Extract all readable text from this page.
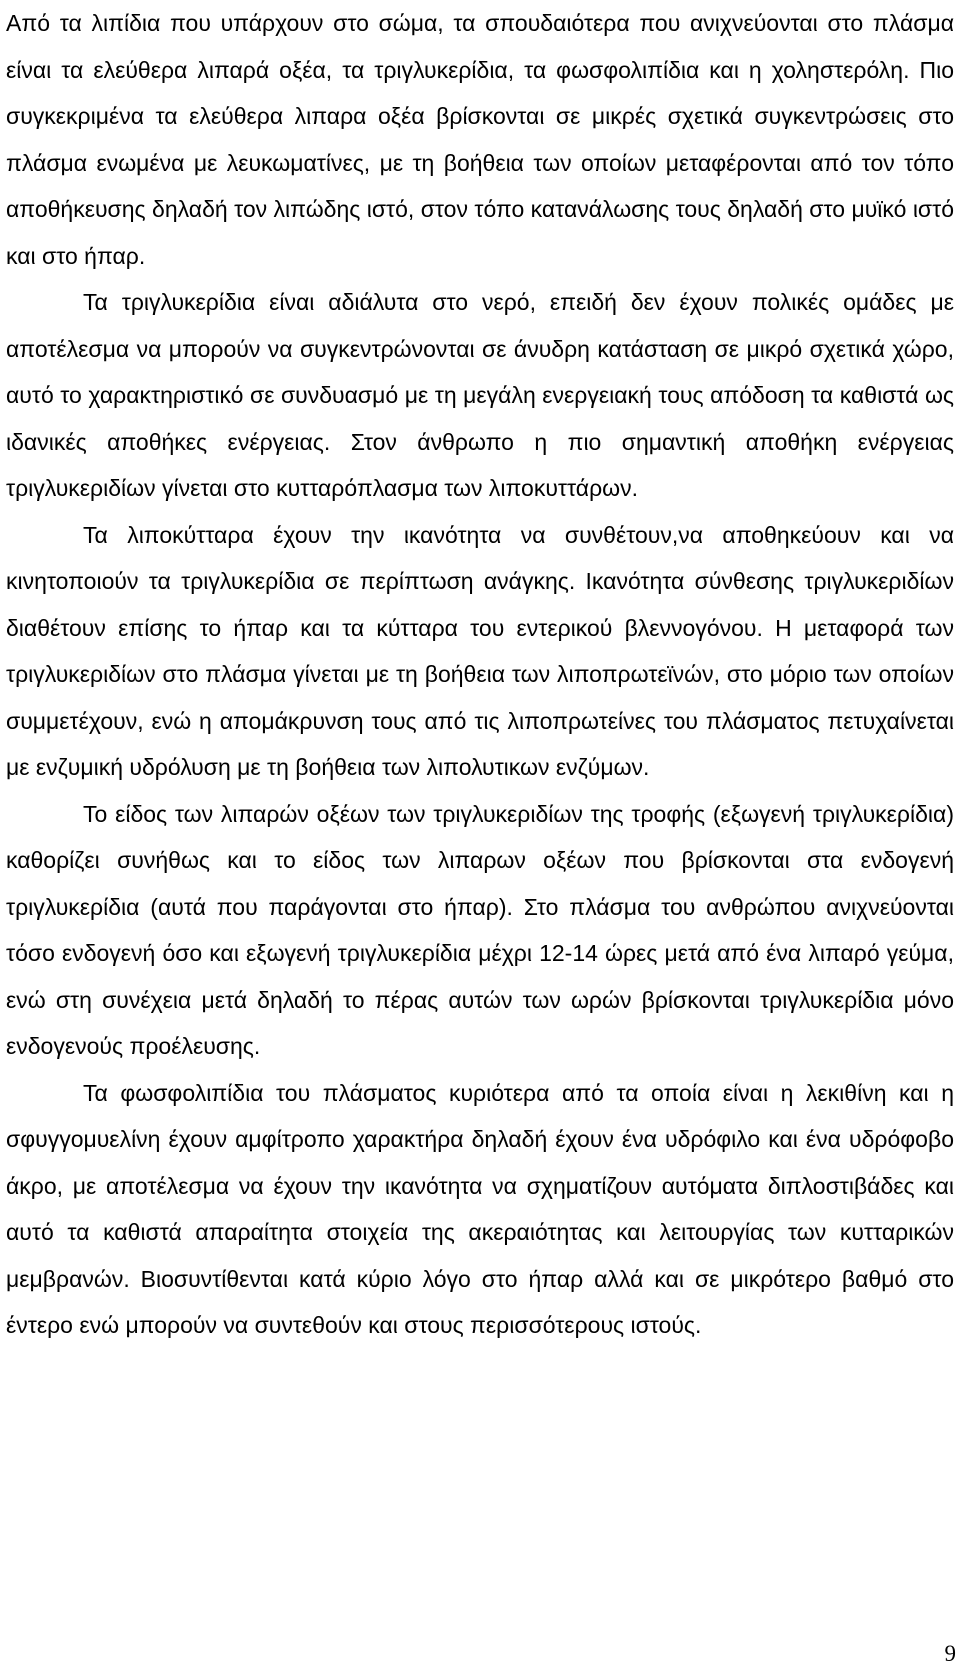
Από τα λιπίδια που υπάρχουν στο σώμα, τα σπουδαιότερα που ανιχνεύονται στο πλάσμα είναι τα ελεύθερα λιπαρά οξέα, τα τριγλυκερίδια, τα φωσφολιπίδια και η χοληστερόλη. Πιο συγκεκριμένα τα ελεύθερα λιπαρα οξέα βρίσκονται σε μικρές σχετικά συγκεντρώσεις στο πλάσμα ενωμένα με λευκωματίνες, με τη βοήθεια των οποίων μεταφέρονται από τον τόπο αποθήκευσης δηλαδή τον λιπώδης ιστό, στον τόπο κατανάλωσης τους δηλαδή στο μυϊκό ιστό και στο ήπαρ.

Τα τριγλυκερίδια είναι αδιάλυτα στο νερό, επειδή δεν έχουν πολικές ομάδες με αποτέλεσμα να μπορούν να συγκεντρώνονται σε άνυδρη κατάσταση σε μικρό σχετικά χώρο, αυτό το χαρακτηριστικό σε συνδυασμό με τη μεγάλη ενεργειακή τους απόδοση τα καθιστά ως ιδανικές αποθήκες ενέργειας. Στον άνθρωπο η πιο σημαντική αποθήκη ενέργειας τριγλυκεριδίων γίνεται στο κυτταρόπλασμα των λιποκυττάρων.

Τα λιποκύτταρα έχουν την ικανότητα να συνθέτουν,να αποθηκεύουν και να κινητοποιούν τα τριγλυκερίδια σε περίπτωση ανάγκης. Ικανότητα σύνθεσης τριγλυκεριδίων διαθέτουν επίσης το ήπαρ και τα κύτταρα του εντερικού βλεννογόνου. Η μεταφορά των τριγλυκεριδίων στο πλάσμα γίνεται με τη βοήθεια των λιποπρωτεϊνών, στο μόριο των οποίων συμμετέχουν, ενώ η απομάκρυνση τους από τις λιποπρωτείνες του πλάσματος πετυχαίνεται με ενζυμική υδρόλυση με τη βοήθεια των λιπολυτικων ενζύμων.

Το είδος των λιπαρών οξέων των τριγλυκεριδίων της τροφής (εξωγενή τριγλυκερίδια) καθορίζει συνήθως και το είδος των λιπαρων οξέων που βρίσκονται στα ενδογενή τριγλυκερίδια (αυτά που παράγονται στο ήπαρ). Στο πλάσμα του ανθρώπου ανιχνεύονται τόσο ενδογενή όσο και εξωγενή τριγλυκερίδια μέχρι 12-14 ώρες μετά από ένα λιπαρό γεύμα, ενώ στη συνέχεια μετά δηλαδή το πέρας αυτών των ωρών βρίσκονται τριγλυκερίδια μόνο ενδογενούς προέλευσης.

Τα φωσφολιπίδια του πλάσματος κυριότερα από τα οποία είναι η λεκιθίνη και η σφυγγομυελίνη έχουν αμφίτροπο χαρακτήρα δηλαδή έχουν ένα υδρόφιλο και ένα υδρόφοβο άκρο, με αποτέλεσμα να έχουν την ικανότητα να σχηματίζουν αυτόματα διπλοστιβάδες και αυτό τα καθιστά απαραίτητα στοιχεία της ακεραιότητας και λειτουργίας των κυτταρικών μεμβρανών. Βιοσυντίθενται κατά κύριο λόγο στο ήπαρ αλλά και σε μικρότερο βαθμό στο έντερο ενώ μπορούν να συντεθούν και στους περισσότερους ιστούς.

9
